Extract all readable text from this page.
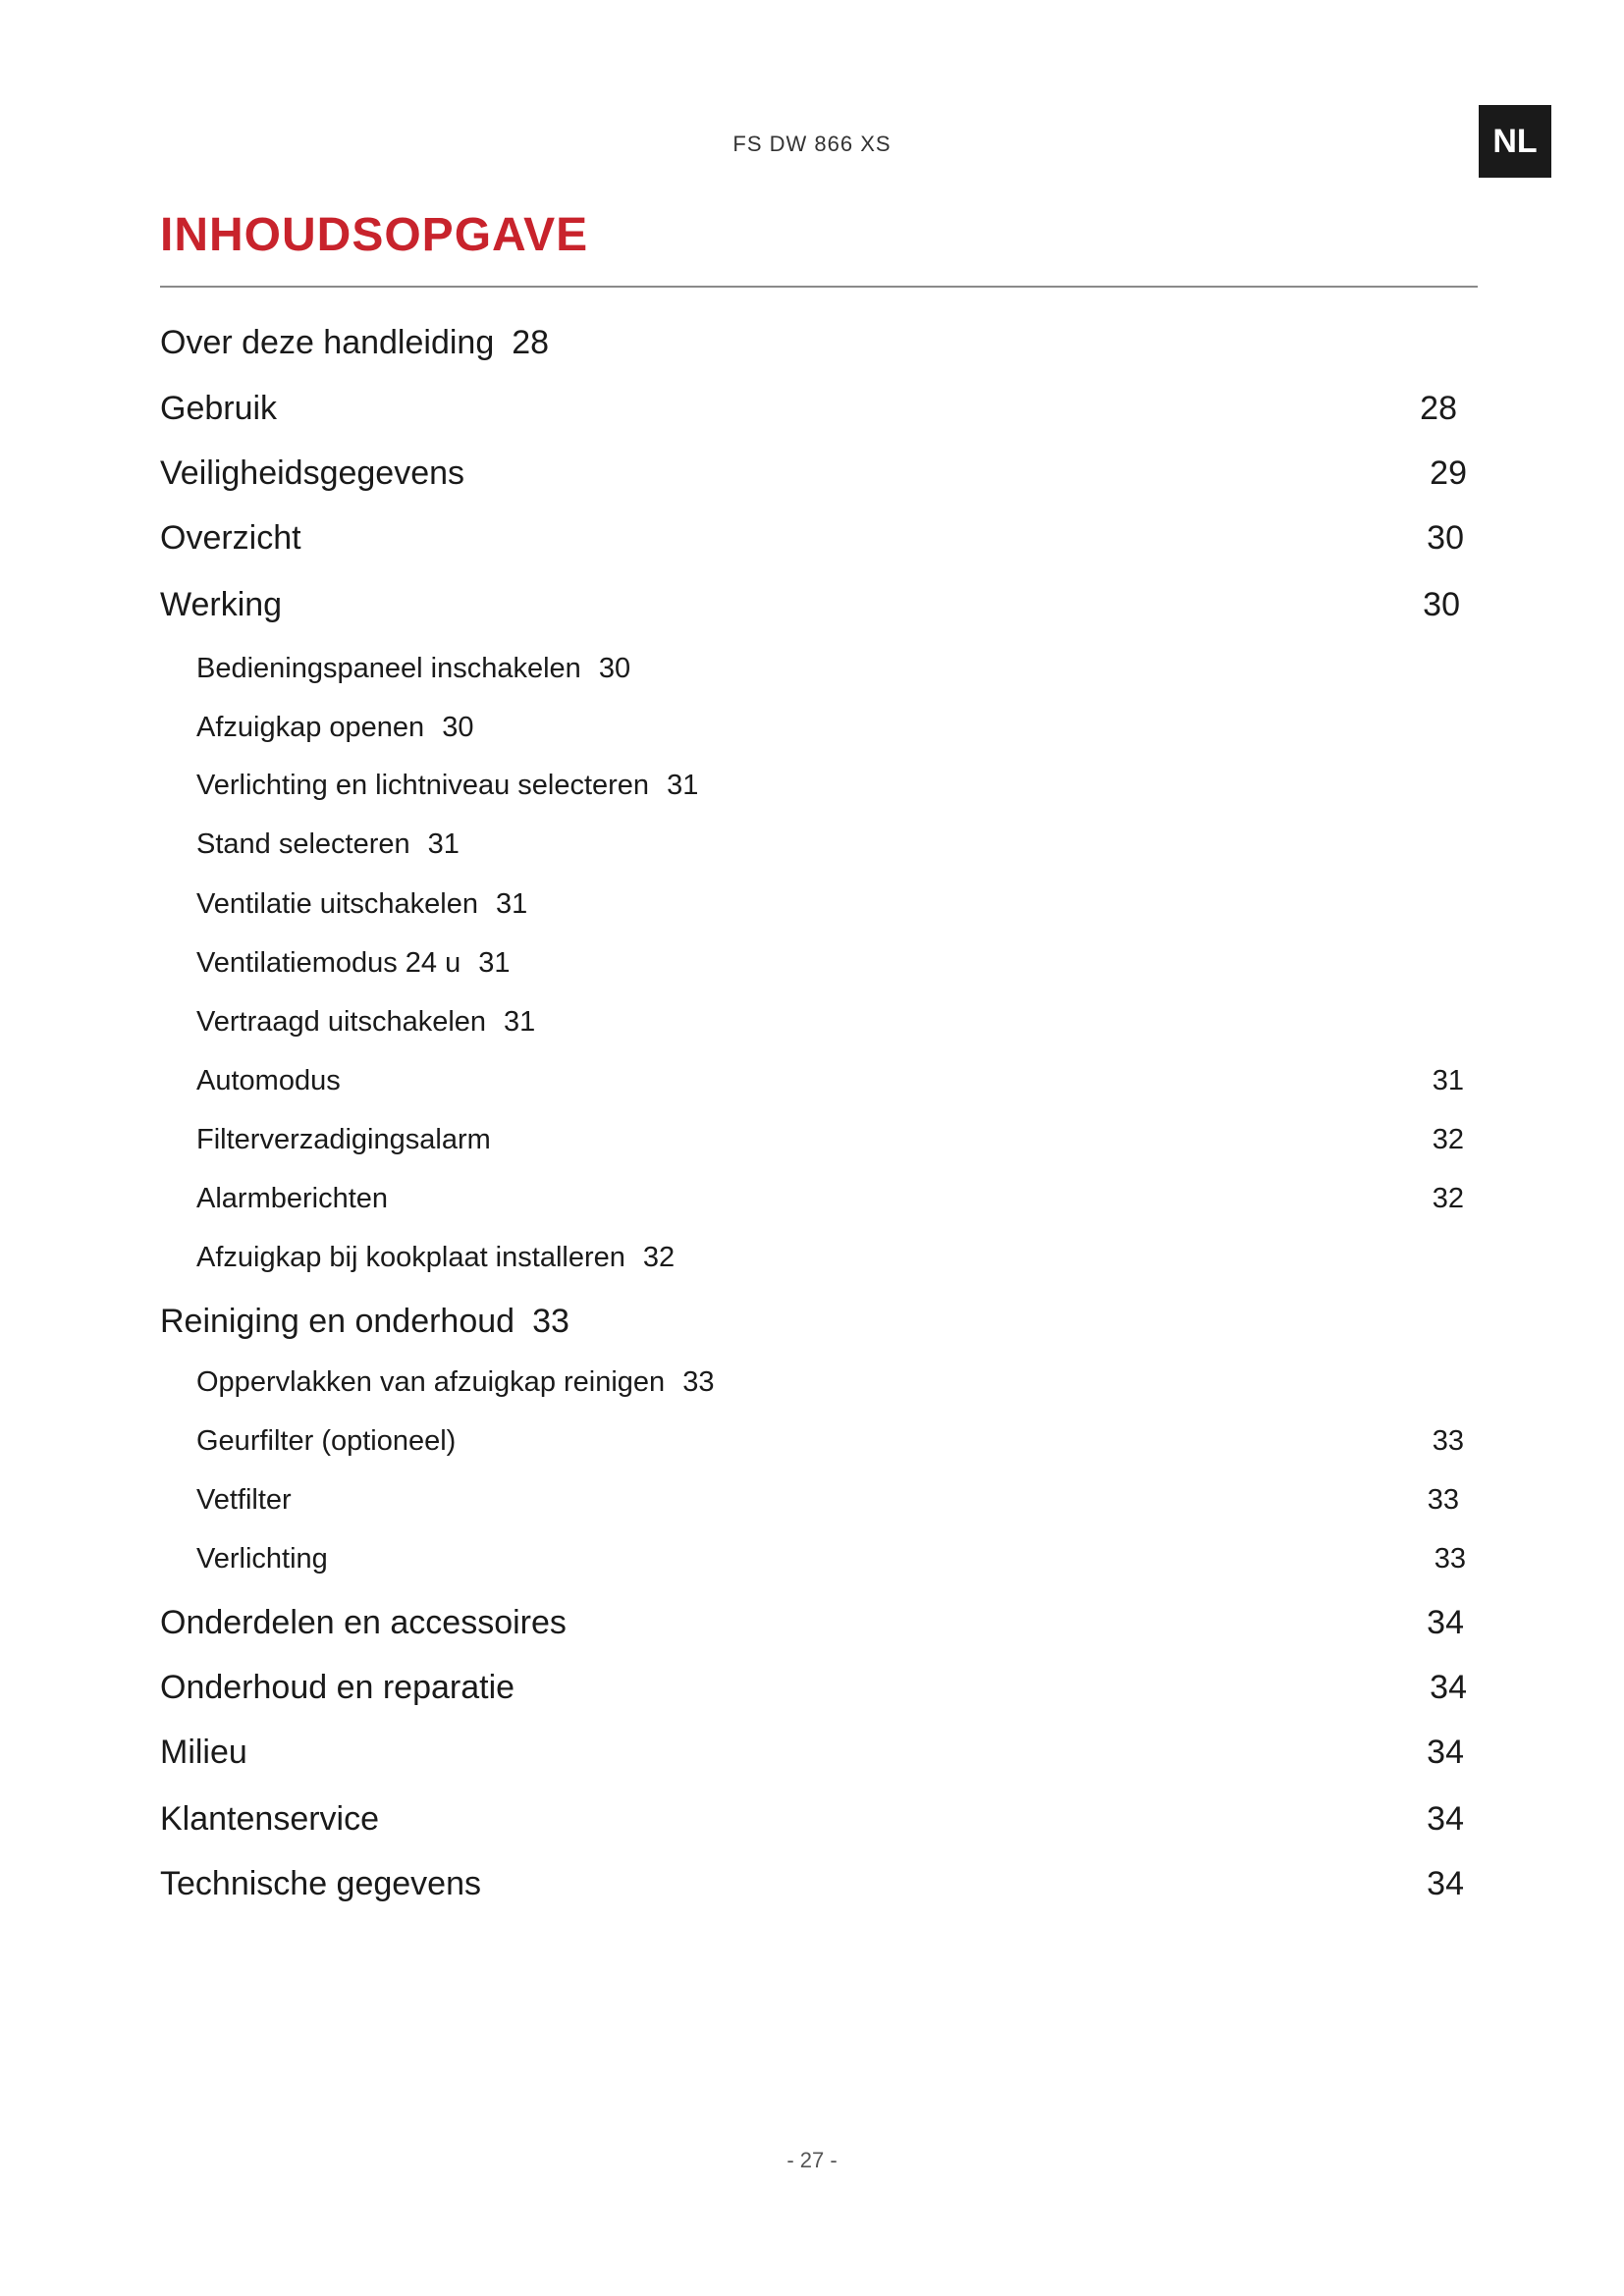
FS DW 866 XS	NL
INHOUDSOPGAVE
Over deze handleiding 28
Gebruik	28
Veiligheidsgegevens	29
Overzicht	30
Werking	30
Bedieningspaneel inschakelen 30
Afzuigkap openen 30
Verlichting en lichtniveau selecteren 31
Stand selecteren 31
Ventilatie uitschakelen 31
Ventilatiemodus 24 u 31
Vertraagd uitschakelen 31
Automodus	31
Filterverzadigingsalarm	32
Alarmberichten	32
Afzuigkap bij kookplaat installeren 32
Reiniging en onderhoud 33
Oppervlakken van afzuigkap reinigen 33
Geurfilter (optioneel)	33
Vetfilter	33
Verlichting	33
Onderdelen en accessoires	34
Onderhoud en reparatie	34
Milieu	34
Klantenservice	34
Technische gegevens	34
- 27 -
